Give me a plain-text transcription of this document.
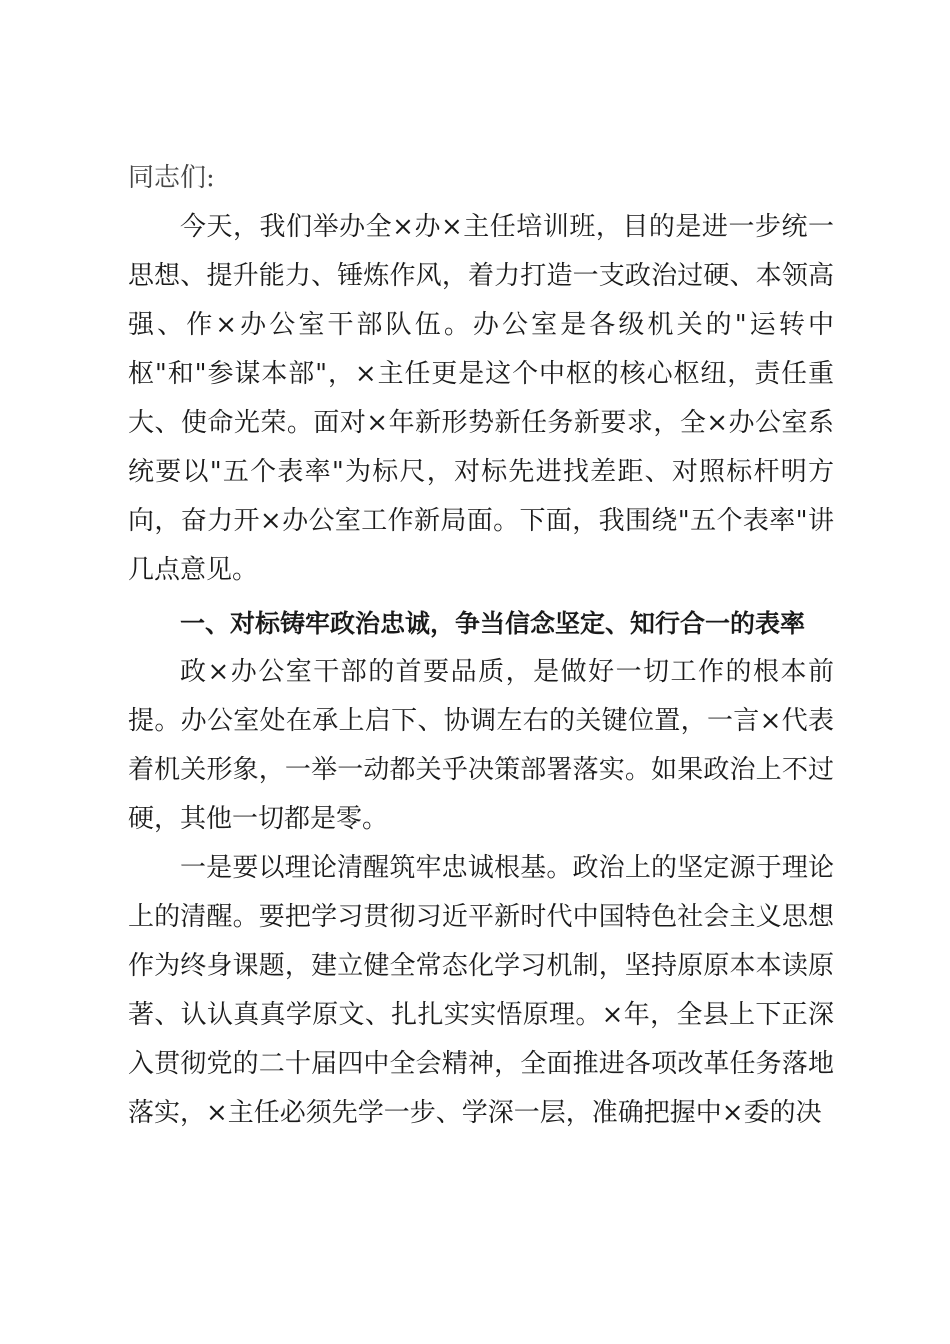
同志们:

今天，我们举办全×办×主任培训班，目的是进一步统一思想、提升能力、锤炼作风，着力打造一支政治过硬、本领高强、作×办公室干部队伍。办公室是各级机关的"运转中枢"和"参谋本部"，×主任更是这个中枢的核心枢纽，责任重大、使命光荣。面对×年新形势新任务新要求，全×办公室系统要以"五个表率"为标尺，对标先进找差距、对照标杆明方向，奋力开×办公室工作新局面。下面，我围绕"五个表率"讲几点意见。

一、对标铸牢政治忠诚，争当信念坚定、知行合一的表率

政×办公室干部的首要品质，是做好一切工作的根本前提。办公室处在承上启下、协调左右的关键位置，一言×代表着机关形象，一举一动都关乎决策部署落实。如果政治上不过硬，其他一切都是零。

一是要以理论清醒筑牢忠诚根基。政治上的坚定源于理论上的清醒。要把学习贯彻习近平新时代中国特色社会主义思想作为终身课题，建立健全常态化学习机制，坚持原原本本读原著、认认真真学原文、扎扎实实悟原理。×年，全县上下正深入贯彻党的二十届四中全会精神，全面推进各项改革任务落地落实，×主任必须先学一步、学深一层，准确把握中×委的决
